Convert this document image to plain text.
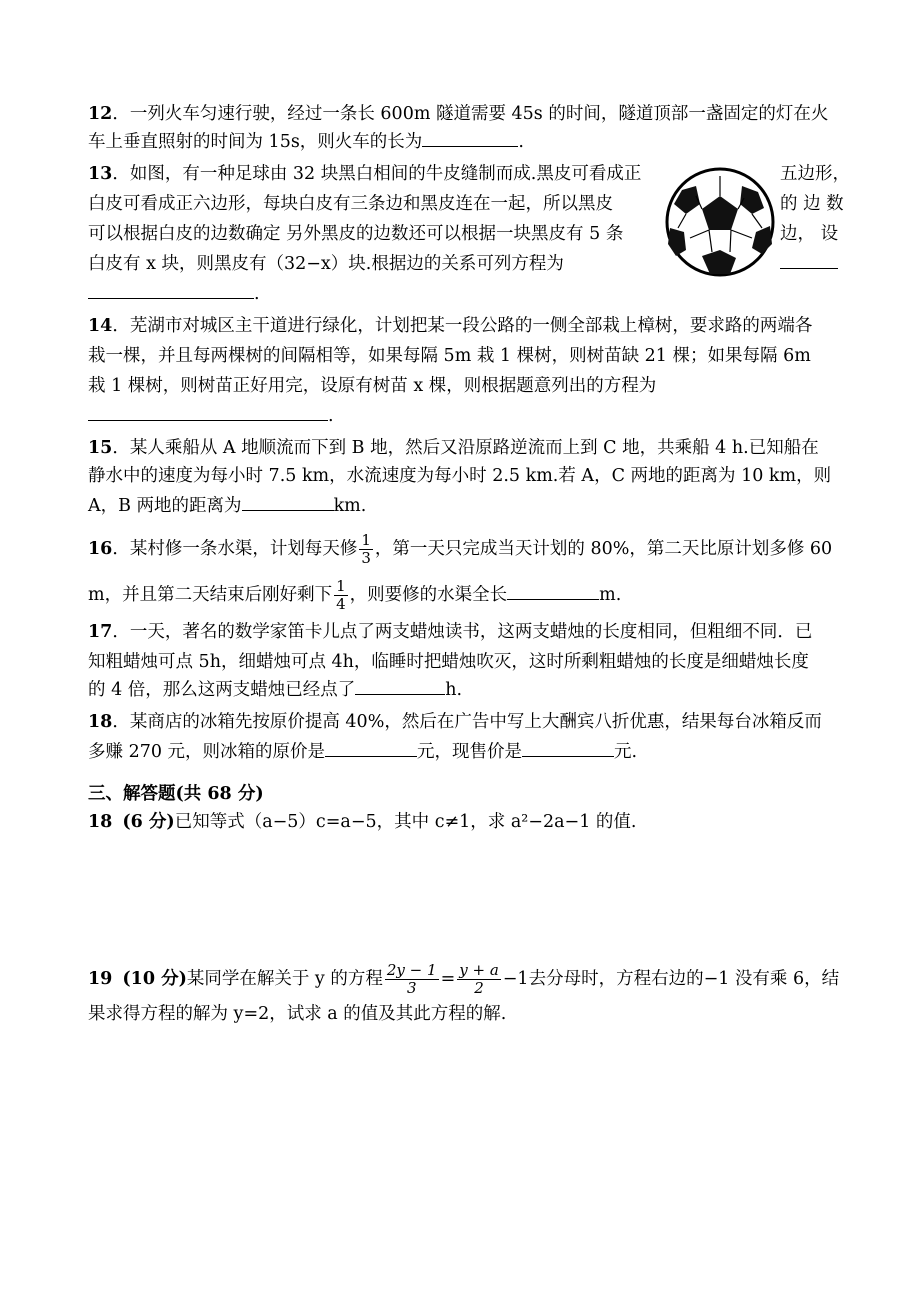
12．一列火车匀速行驶，经过一条长 600m 隧道需要 45s 的时间，隧道顶部一盏固定的灯在火
车上垂直照射的时间为 15s，则火车的长为	.
13．如图，有一种足球由 32 块黑白相间的牛皮缝制而成.黑皮可看成正	五边形，
白皮可看成正六边形，每块白皮有三条边和黑皮连在一起，所以黑皮	的 边 数
可以根据白皮的边数确定 另外黑皮的边数还可以根据一块黑皮有 5 条	边， 设
白皮有 x 块，则黑皮有（32−x）块.根据边的关系可列方程为
.
14．芜湖市对城区主干道进行绿化，计划把某一段公路的一侧全部栽上樟树，要求路的两端各
栽一棵，并且每两棵树的间隔相等，如果每隔 5m 栽 1 棵树，则树苗缺 21 棵；如果每隔 6m
栽 1 棵树，则树苗正好用完，设原有树苗 x 棵，则根据题意列出的方程为
.
15．某人乘船从 A 地顺流而下到 B 地，然后又沿原路逆流而上到 C 地，共乘船 4 h.已知船在
静水中的速度为每小时 7.5 km，水流速度为每小时 2.5 km.若 A，C 两地的距离为 10 km，则
A，B 两地的距离为	km.
16．某村修一条水渠，计划每天修 $\frac{1}{3}$ ，第一天只完成当天计划的 80%，第二天比原计划多修 60
m，并且第二天结束后刚好剩下 $\frac{1}{4}$ ，则要修的水渠全长	m.
17．一天，著名的数学家笛卡儿点了两支蜡烛读书，这两支蜡烛的长度相同，但粗细不同．已
知粗蜡烛可点 5h，细蜡烛可点 4h，临睡时把蜡烛吹灭，这时所剩粗蜡烛的长度是细蜡烛长度
的 4 倍，那么这两支蜡烛已经点了	h.
18．某商店的冰箱先按原价提高 40%，然后在广告中写上大酬宾八折优惠，结果每台冰箱反而
多赚 270 元，则冰箱的原价是	元，现售价是	元.
三、解答题(共 68 分)
18 (6 分)已知等式（a−5）c=a−5，其中 c≠1，求 a²−2a−1 的值.
19 (10 分)某同学在解关于 y 的方程 $\frac{2y - 1}{3} = \frac{y + a}{2} -1$去分母时，方程右边的−1 没有乘 6，结
果求得方程的解为 y=2，试求 a 的值及其此方程的解.
